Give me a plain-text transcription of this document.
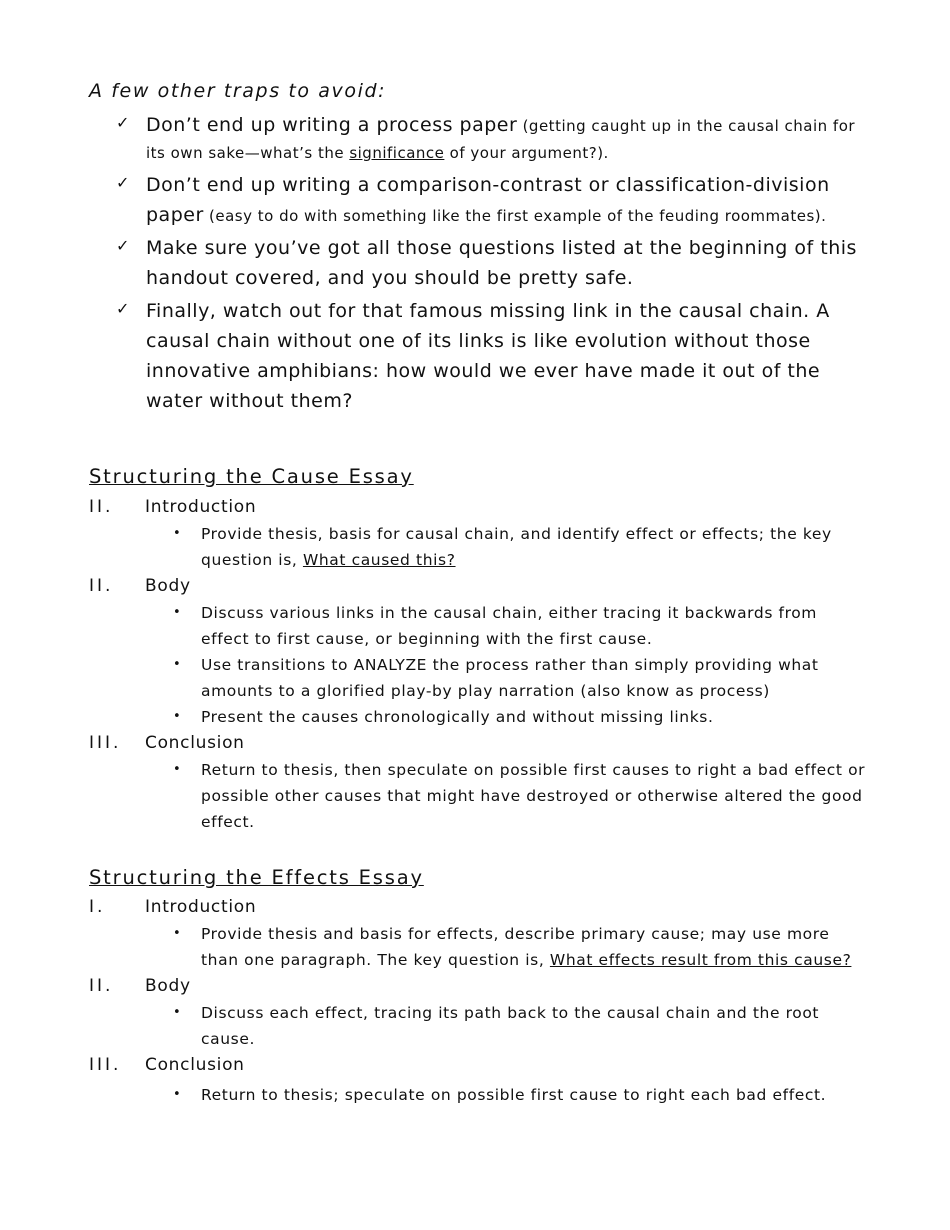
A few other traps to avoid:
✓ Don’t end up writing a process paper (getting caught up in the causal chain for its own sake—what’s the significance of your argument?).
✓ Don’t end up writing a comparison-contrast or classification-division paper (easy to do with something like the first example of the feuding roommates).
✓ Make sure you’ve got all those questions listed at the beginning of this handout covered, and you should be pretty safe.
✓ Finally, watch out for that famous missing link in the causal chain. A causal chain without one of its links is like evolution without those innovative amphibians: how would we ever have made it out of the water without them?
Structuring the Cause Essay
II. Introduction
• Provide thesis, basis for causal chain, and identify effect or effects; the key question is, What caused this?
II. Body
• Discuss various links in the causal chain, either tracing it backwards from effect to first cause, or beginning with the first cause.
• Use transitions to ANALYZE the process rather than simply providing what amounts to a glorified play-by play narration (also know as process)
• Present the causes chronologically and without missing links.
III. Conclusion
• Return to thesis, then speculate on possible first causes to right a bad effect or possible other causes that might have destroyed or otherwise altered the good effect.
Structuring the Effects Essay
I. Introduction
• Provide thesis and basis for effects, describe primary cause; may use more than one paragraph. The key question is, What effects result from this cause?
II. Body
• Discuss each effect, tracing its path back to the causal chain and the root cause.
III. Conclusion
• Return to thesis; speculate on possible first cause to right each bad effect.
